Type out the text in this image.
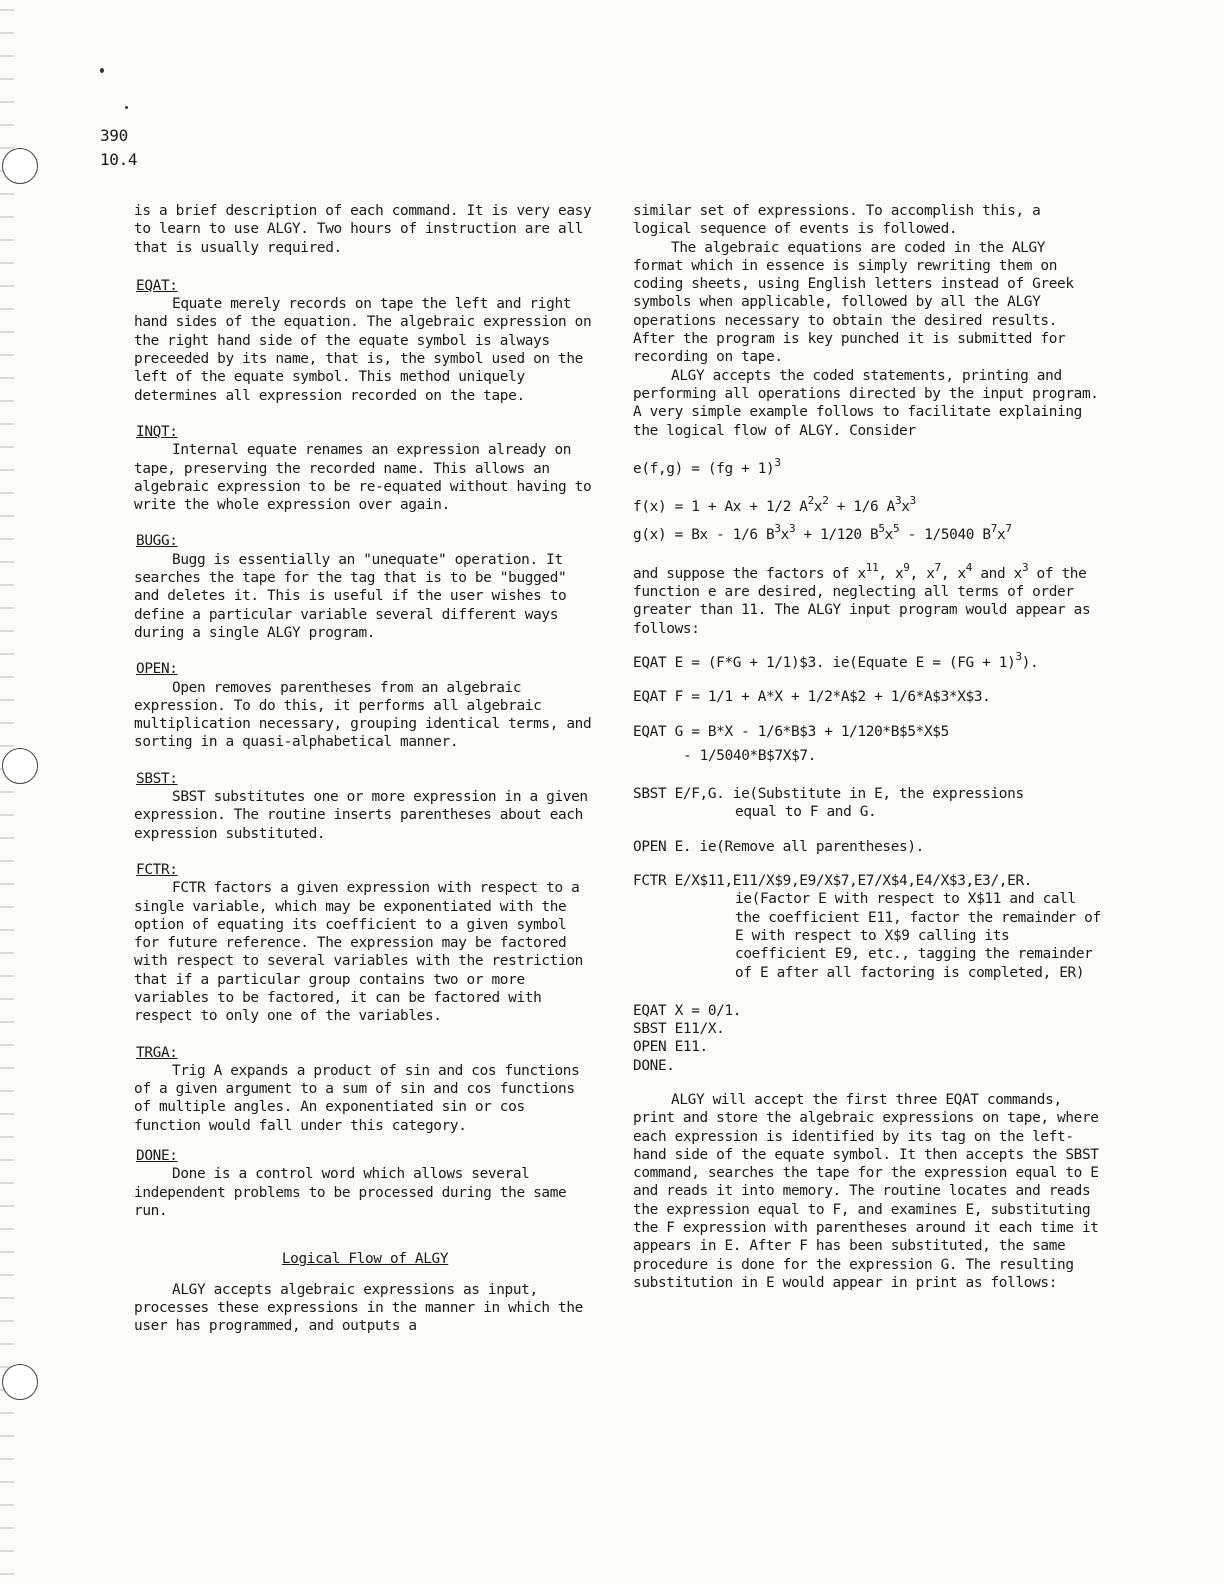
390
10.4

is a brief description of each command. It is very easy to learn to use ALGY. Two hours of instruction are all that is usually required.

EQAT:

Equate merely records on tape the left and right hand sides of the equation. The algebraic expression on the right hand side of the equate symbol is always preceeded by its name, that is, the symbol used on the left of the equate symbol. This method uniquely determines all expression recorded on the tape.

INQT:

Internal equate renames an expression already on tape, preserving the recorded name. This allows an algebraic expression to be re-equated without having to write the whole expression over again.

BUGG:

Bugg is essentially an "unequate" operation. It searches the tape for the tag that is to be "bugged" and deletes it. This is useful if the user wishes to define a particular variable several different ways during a single ALGY program.

OPEN:

Open removes parentheses from an algebraic expression. To do this, it performs all algebraic multiplication necessary, grouping identical terms, and sorting in a quasi-alphabetical manner.

SBST:

SBST substitutes one or more expression in a given expression. The routine inserts parentheses about each expression substituted.

FCTR:

FCTR factors a given expression with respect to a single variable, which may be exponentiated with the option of equating its coefficient to a given symbol for future reference. The expression may be factored with respect to several variables with the restriction that if a particular group contains two or more variables to be factored, it can be factored with respect to only one of the variables.

TRGA:

Trig A expands a product of sin and cos functions of a given argument to a sum of sin and cos functions of multiple angles. An exponentiated sin or cos function would fall under this category.

DONE:

Done is a control word which allows several independent problems to be processed during the same run.

Logical Flow of ALGY

ALGY accepts algebraic expressions as input, processes these expressions in the manner in which the user has programmed, and outputs a

similar set of expressions. To accomplish this, a logical sequence of events is followed.

The algebraic equations are coded in the ALGY format which in essence is simply rewriting them on coding sheets, using English letters instead of Greek symbols when applicable, followed by all the ALGY operations necessary to obtain the desired results. After the program is key punched it is submitted for recording on tape.

ALGY accepts the coded statements, printing and performing all operations directed by the input program. A very simple example follows to facilitate explaining the logical flow of ALGY. Consider

e(f,g) = (fg + 1)$^3$
f(x) = 1 + Ax + 1/2 $A^2x^2 + 1/6$ $A^3x^3$
g(x) = Bx - 1/6 $B^3x^3 + 1/120$ $B^5x^5 - 1/5040$ $B^7x^7$

and suppose the factors of $x^{11}$, $x^9$, $x^7$, $x^4$ and $x^3$ of the function e are desired, neglecting all terms of order greater than 11. The ALGY input program would appear as follows:

EQAT E = (F*G + 1/1)$3. ie(Equate E = (FG + 1)$^3$).
EQAT F = 1/1 + A*X + 1/2*A$2 + 1/6*A$3*X$3.
EQAT G = B*X - 1/6*B$3 + 1/120*B$5*X$5
- 1/5040*B$7X$7.
SBST E/F,G. ie(Substitute in E, the expressions
equal to F and G.
OPEN E. ie(Remove all parentheses).
FCTR E/X$11,E11/X$9,E9/X$7,E7/X$4,E4/X$3,E3/,ER.
ie(Factor E with respect to X$11 and call the coefficient E11, factor the remainder of E with respect to X$9 calling its coefficient E9, etc., tagging the remainder of E after all factoring is completed, ER)
EQAT X = 0/1.
SBST E11/X.
OPEN E11.
DONE.

ALGY will accept the first three EQAT commands, print and store the algebraic expressions on tape, where each expression is identified by its tag on the left-hand side of the equate symbol. It then accepts the SBST command, searches the tape for the expression equal to E and reads it into memory. The routine locates and reads the expression equal to F, and examines E, substituting the F expression with parentheses around it each time it appears in E. After F has been substituted, the same procedure is done for the expression G. The resulting substitution in E would appear in print as follows:
